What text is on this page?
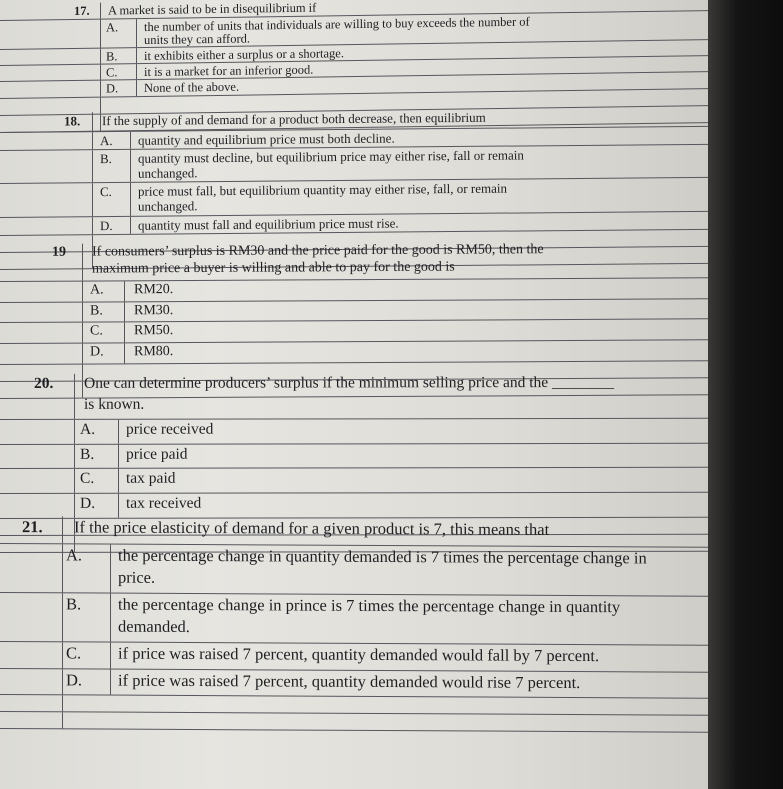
17. A market is said to be in disequilibrium if
A. the number of units that individuals are willing to buy exceeds the number of
units they can afford.
B. it exhibits either a surplus or a shortage.
C. it is a market for an inferior good.
D. None of the above.
18. If the supply of and demand for a product both decrease, then equilibrium
A. quantity and equilibrium price must both decline.
B. quantity must decline, but equilibrium price may either rise, fall or remain
unchanged.
C. price must fall, but equilibrium quantity may either rise, fall, or remain
unchanged.
D. quantity must fall and equilibrium price must rise.
19 If consumers’ surplus is RM30 and the price paid for the good is RM50, then the
maximum price a buyer is willing and able to pay for the good is
A. RM20.
B. RM30.
C. RM50.
D. RM80.
20. One can determine producers’ surplus if the minimum selling price and the ________
is known.
A. price received
B. price paid
C. tax paid
D. tax received
21. If the price elasticity of demand for a given product is 7, this means that
A. the percentage change in quantity demanded is 7 times the percentage change in
price.
B. the percentage change in prince is 7 times the percentage change in quantity
demanded.
C. if price was raised 7 percent, quantity demanded would fall by 7 percent.
D. if price was raised 7 percent, quantity demanded would rise 7 percent.
